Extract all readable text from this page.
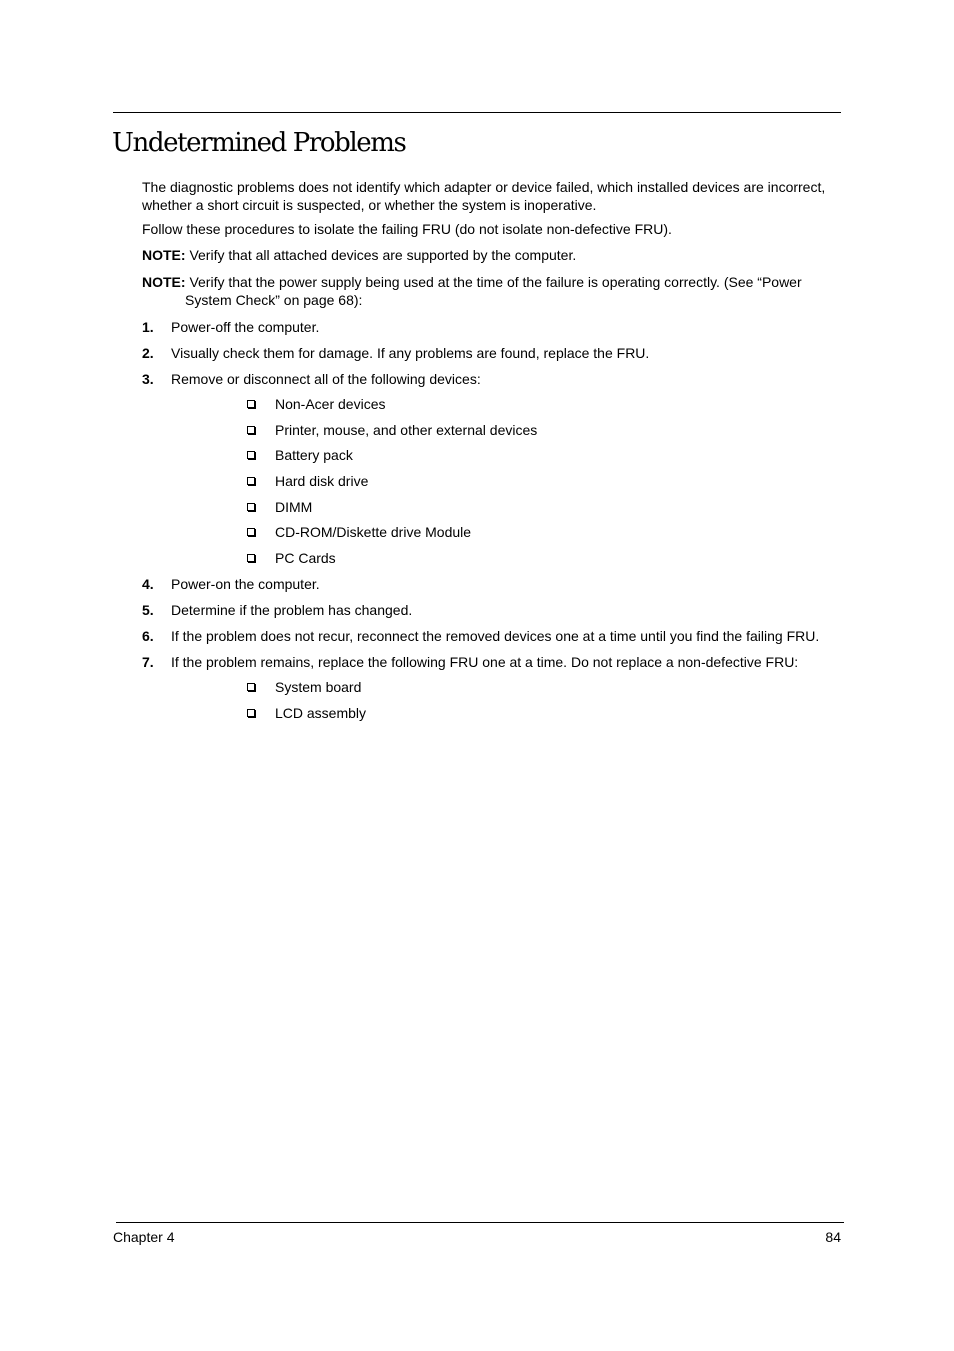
Undetermined Problems

The diagnostic problems does not identify which adapter or device failed, which installed devices are incorrect, whether a short circuit is suspected, or whether the system is inoperative.

Follow these procedures to isolate the failing FRU (do not isolate non-defective FRU).

NOTE: Verify that all attached devices are supported by the computer.

NOTE: Verify that the power supply being used at the time of the failure is operating correctly. (See “Power System Check” on page 68):

1. Power-off the computer.
2. Visually check them for damage. If any problems are found, replace the FRU.
3. Remove or disconnect all of the following devices:
Non-Acer devices
Printer, mouse, and other external devices
Battery pack
Hard disk drive
DIMM
CD-ROM/Diskette drive Module
PC Cards
4. Power-on the computer.
5. Determine if the problem has changed.
6. If the problem does not recur, reconnect the removed devices one at a time until you find the failing FRU.
7. If the problem remains, replace the following FRU one at a time. Do not replace a non-defective FRU:
System board
LCD assembly
Chapter 4	84
